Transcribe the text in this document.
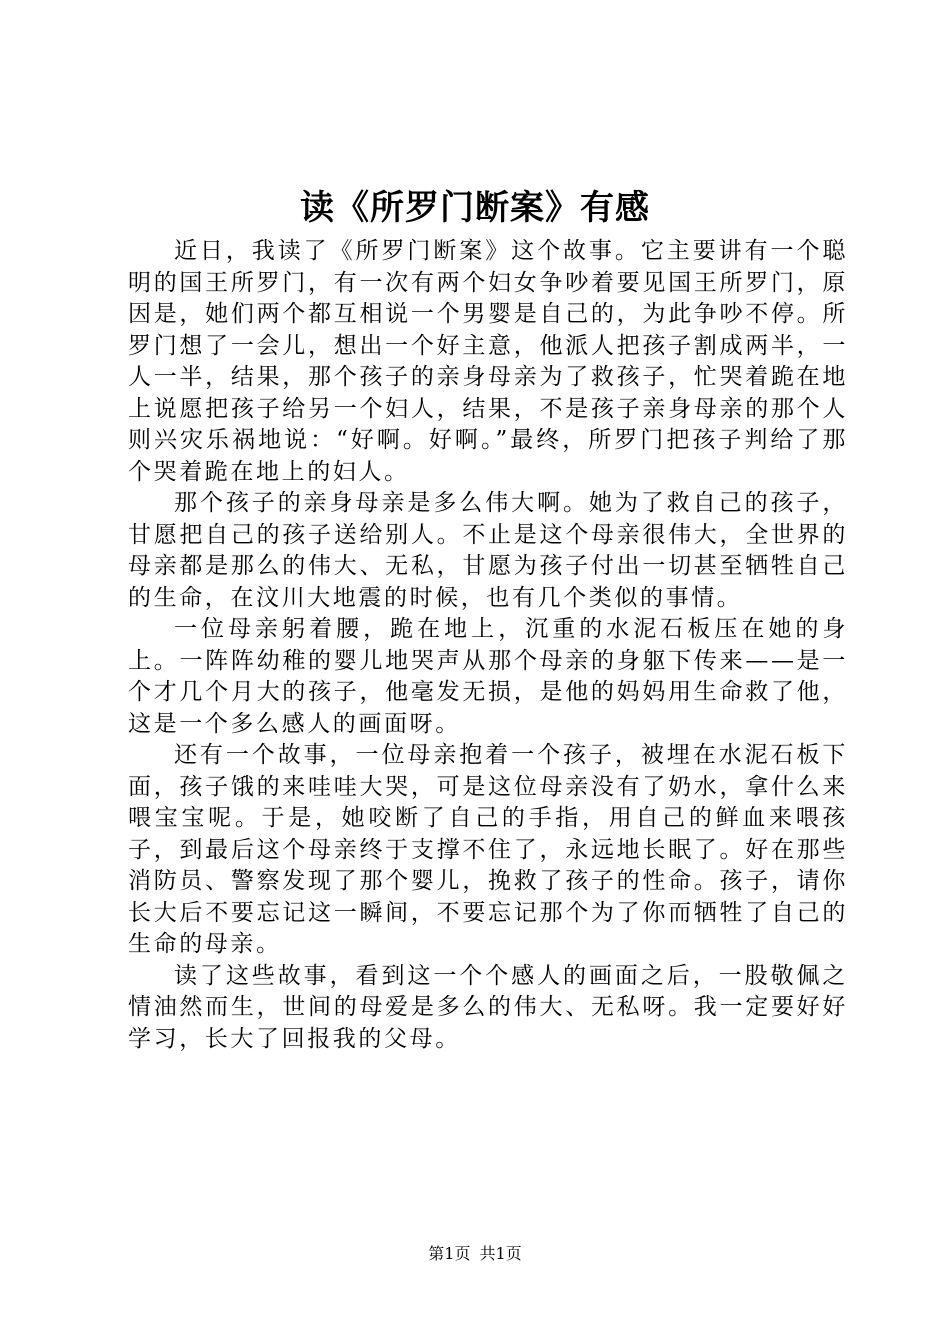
读《所罗门断案》有感

近日，我读了《所罗门断案》这个故事。它主要讲有一个聪明的国王所罗门，有一次有两个妇女争吵着要见国王所罗门，原因是，她们两个都互相说一个男婴是自己的，为此争吵不停。所罗门想了一会儿，想出一个好主意，他派人把孩子割成两半，一人一半，结果，那个孩子的亲身母亲为了救孩子，忙哭着跪在地上说愿把孩子给另一个妇人，结果，不是孩子亲身母亲的那个人则兴灾乐祸地说：“好啊。好啊。”最终，所罗门把孩子判给了那个哭着跪在地上的妇人。

那个孩子的亲身母亲是多么伟大啊。她为了救自己的孩子，甘愿把自己的孩子送给别人。不止是这个母亲很伟大，全世界的母亲都是那么的伟大、无私，甘愿为孩子付出一切甚至牺牲自己的生命，在汶川大地震的时候，也有几个类似的事情。

一位母亲躬着腰，跪在地上，沉重的水泥石板压在她的身上。一阵阵幼稚的婴儿地哭声从那个母亲的身躯下传来——是一个才几个月大的孩子，他毫发无损，是他的妈妈用生命救了他，这是一个多么感人的画面呀。

还有一个故事，一位母亲抱着一个孩子，被埋在水泥石板下面，孩子饿的来哇哇大哭，可是这位母亲没有了奶水，拿什么来喂宝宝呢。于是，她咬断了自己的手指，用自己的鲜血来喂孩子，到最后这个母亲终于支撑不住了，永远地长眠了。好在那些消防员、警察发现了那个婴儿，挽救了孩子的性命。孩子，请你长大后不要忘记这一瞬间，不要忘记那个为了你而牺牲了自己的生命的母亲。

读了这些故事，看到这一个个感人的画面之后，一股敬佩之情油然而生，世间的母爱是多么的伟大、无私呀。我一定要好好学习，长大了回报我的父母。

第1页 共1页
